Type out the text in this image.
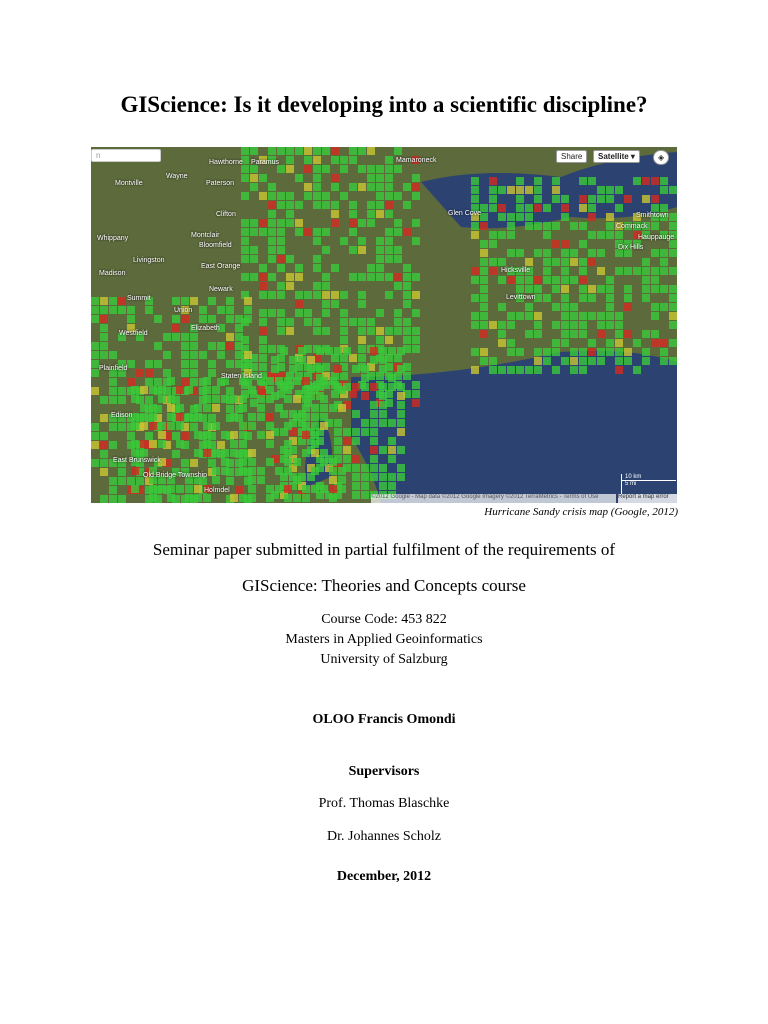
GIScience: Is it developing into a scientific discipline?
n	Share	Satellite ▾	◈
Hawthorne Paramus
Wayne
Paterson
Montville
Clifton
Montclair
Bloomfield
Livingston
East Orange
Newark
Union
Westfield
Elizabeth
Staten Island
Edison
East Brunswick
Old Bridge Township
Holmdel
Mamaroneck
Glen Cove
Levittown
Hicksville
Commack
Dix Hills
Hauppauge
Smithtown
Whippany
Madison
Summit
Plainfield
10 km
5 mi
©2012 Google - Map data ©2012 Google Imagery ©2012 TerraMetrics - Terms of Use	Report a map error
Hurricane Sandy crisis map (Google, 2012)
Seminar paper submitted in partial fulfilment of the requirements of
GIScience: Theories and Concepts course
Course Code: 453 822
Masters in Applied Geoinformatics
University of Salzburg
OLOO Francis Omondi
Supervisors
Prof. Thomas Blaschke
Dr. Johannes Scholz
December, 2012
